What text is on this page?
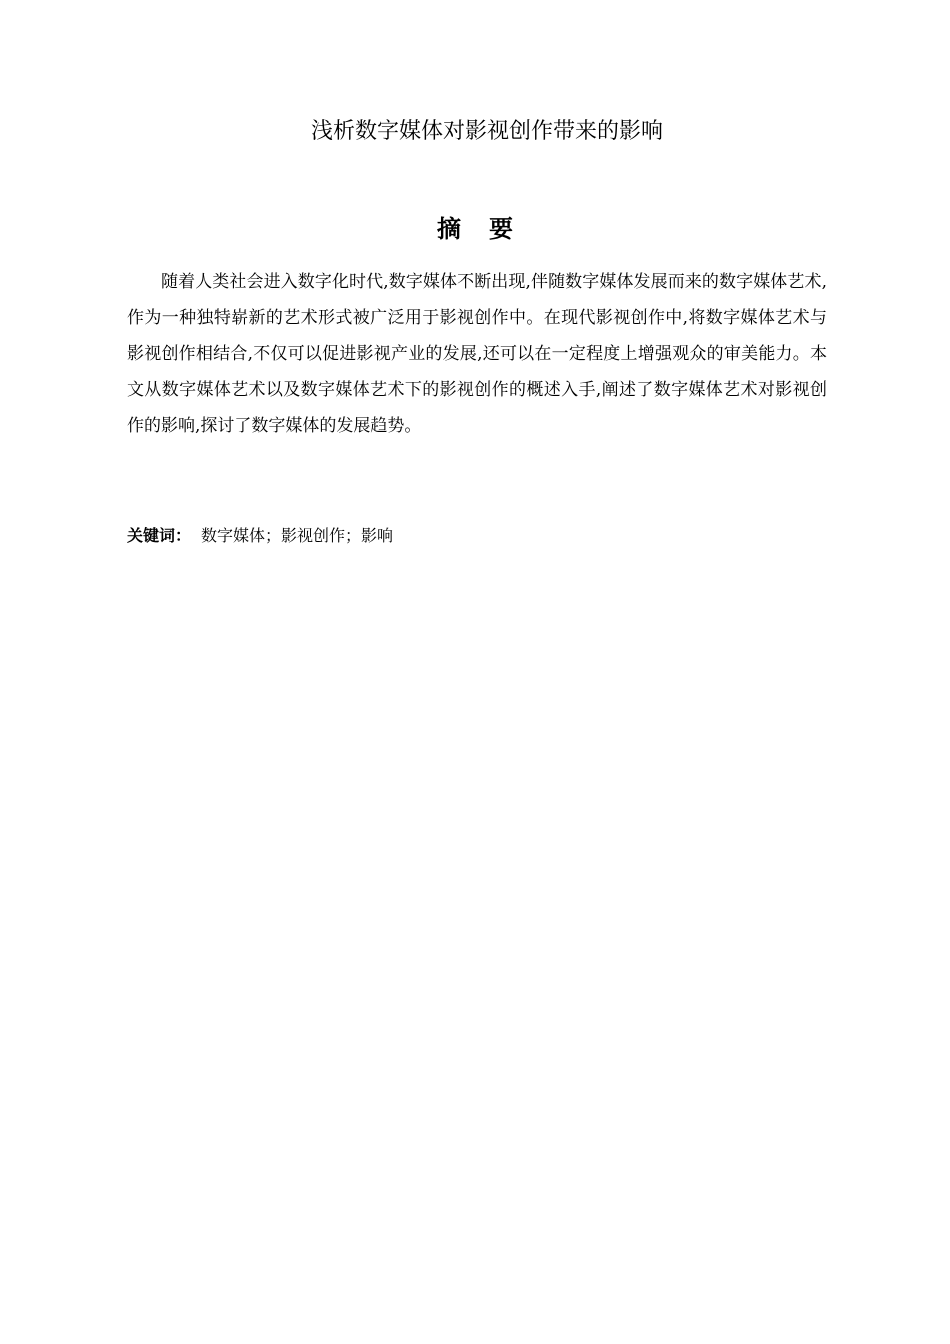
浅析数字媒体对影视创作带来的影响
摘要

随着人类社会进入数字化时代,数字媒体不断出现,伴随数字媒体发展而来的数字媒体艺术,作为一种独特崭新的艺术形式被广泛用于影视创作中。在现代影视创作中,将数字媒体艺术与影视创作相结合,不仅可以促进影视产业的发展,还可以在一定程度上增强观众的审美能力。本文从数字媒体艺术以及数字媒体艺术下的影视创作的概述入手,阐述了数字媒体艺术对影视创作的影响,探讨了数字媒体的发展趋势。

关键词： 数字媒体；影视创作；影响
